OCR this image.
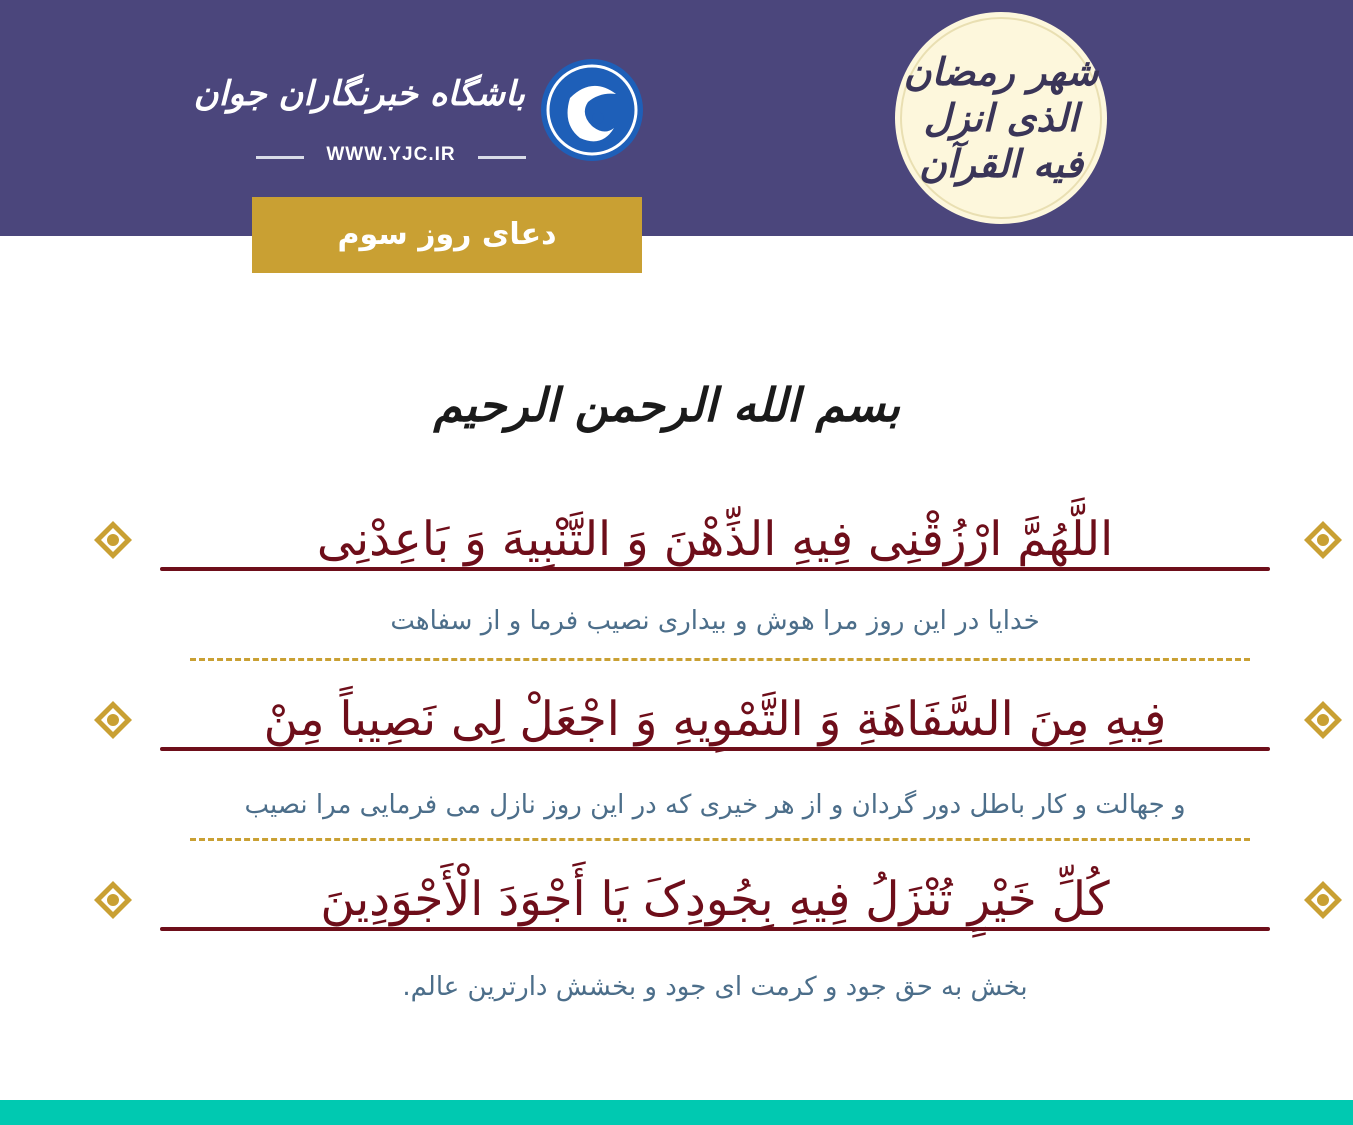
باشگاه خبرنگاران جوان
WWW.YJC.IR
شهر رمضان الذی انزل فیه القرآن
دعای روز سوم
بسم الله الرحمن الرحیم
اللَّهُمَّ ارْزُقْنِی فِیهِ الذِّهْنَ وَ التَّنْبِیهَ وَ بَاعِدْنِی
خدایا در این روز مرا هوش و بیداری نصیب فرما و از سفاهت
فِیهِ مِنَ السَّفَاهَةِ وَ التَّمْوِیهِ وَ اجْعَلْ لِی نَصِیباً مِنْ
و جهالت و کار باطل دور گردان و از هر خیری که در این روز نازل می فرمایی مرا نصیب
کُلِّ خَیْرٍ تُنْزَلُ فِیهِ بِجُودِکَ یَا أَجْوَدَ الْأَجْوَدِینَ
بخش به حق جود و کرمت ای جود و بخشش دارترین عالم.
